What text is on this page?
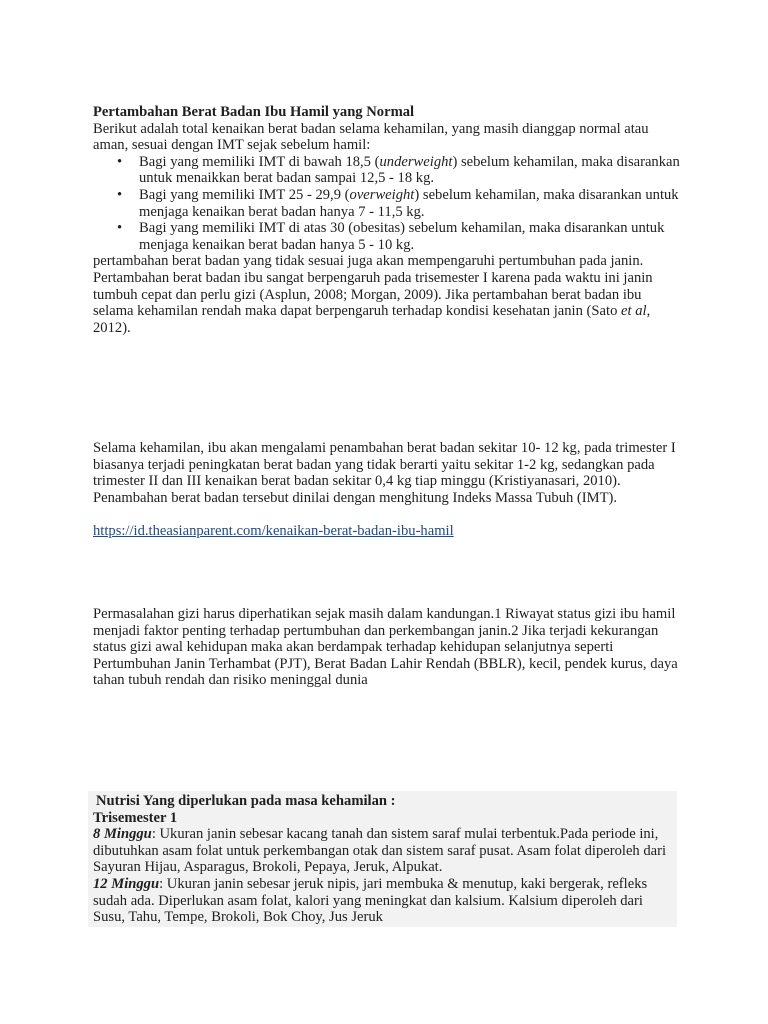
Pertambahan Berat Badan Ibu Hamil yang Normal

Berikut adalah total kenaikan berat badan selama kehamilan, yang masih dianggap normal atau aman, sesuai dengan IMT sejak sebelum hamil:

• Bagi yang memiliki IMT di bawah 18,5 (underweight) sebelum kehamilan, maka disarankan untuk menaikkan berat badan sampai 12,5 - 18 kg.
• Bagi yang memiliki IMT 25 - 29,9 (overweight) sebelum kehamilan, maka disarankan untuk menjaga kenaikan berat badan hanya 7 - 11,5 kg.
• Bagi yang memiliki IMT di atas 30 (obesitas) sebelum kehamilan, maka disarankan untuk menjaga kenaikan berat badan hanya 5 - 10 kg.

pertambahan berat badan yang tidak sesuai juga akan mempengaruhi pertumbuhan pada janin. Pertambahan berat badan ibu sangat berpengaruh pada trisemester I karena pada waktu ini janin tumbuh cepat dan perlu gizi (Asplun, 2008; Morgan, 2009). Jika pertambahan berat badan ibu selama kehamilan rendah maka dapat berpengaruh terhadap kondisi kesehatan janin (Sato et al, 2012).

Selama kehamilan, ibu akan mengalami penambahan berat badan sekitar 10- 12 kg, pada trimester I biasanya terjadi peningkatan berat badan yang tidak berarti yaitu sekitar 1-2 kg, sedangkan pada trimester II dan III kenaikan berat badan sekitar 0,4 kg tiap minggu (Kristiyanasari, 2010). Penambahan berat badan tersebut dinilai dengan menghitung Indeks Massa Tubuh (IMT).

https://id.theasianparent.com/kenaikan-berat-badan-ibu-hamil

Permasalahan gizi harus diperhatikan sejak masih dalam kandungan.1 Riwayat status gizi ibu hamil menjadi faktor penting terhadap pertumbuhan dan perkembangan janin.2 Jika terjadi kekurangan status gizi awal kehidupan maka akan berdampak terhadap kehidupan selanjutnya seperti Pertumbuhan Janin Terhambat (PJT), Berat Badan Lahir Rendah (BBLR), kecil, pendek kurus, daya tahan tubuh rendah dan risiko meninggal dunia

Nutrisi Yang diperlukan pada masa kehamilan :

Trisemester 1

8 Minggu: Ukuran janin sebesar kacang tanah dan sistem saraf mulai terbentuk.Pada periode ini, dibutuhkan asam folat untuk perkembangan otak dan sistem saraf pusat. Asam folat diperoleh dari Sayuran Hijau, Asparagus, Brokoli, Pepaya, Jeruk, Alpukat.

12 Minggu: Ukuran janin sebesar jeruk nipis, jari membuka & menutup, kaki bergerak, refleks sudah ada. Diperlukan asam folat, kalori yang meningkat dan kalsium. Kalsium diperoleh dari Susu, Tahu, Tempe, Brokoli, Bok Choy, Jus Jeruk
